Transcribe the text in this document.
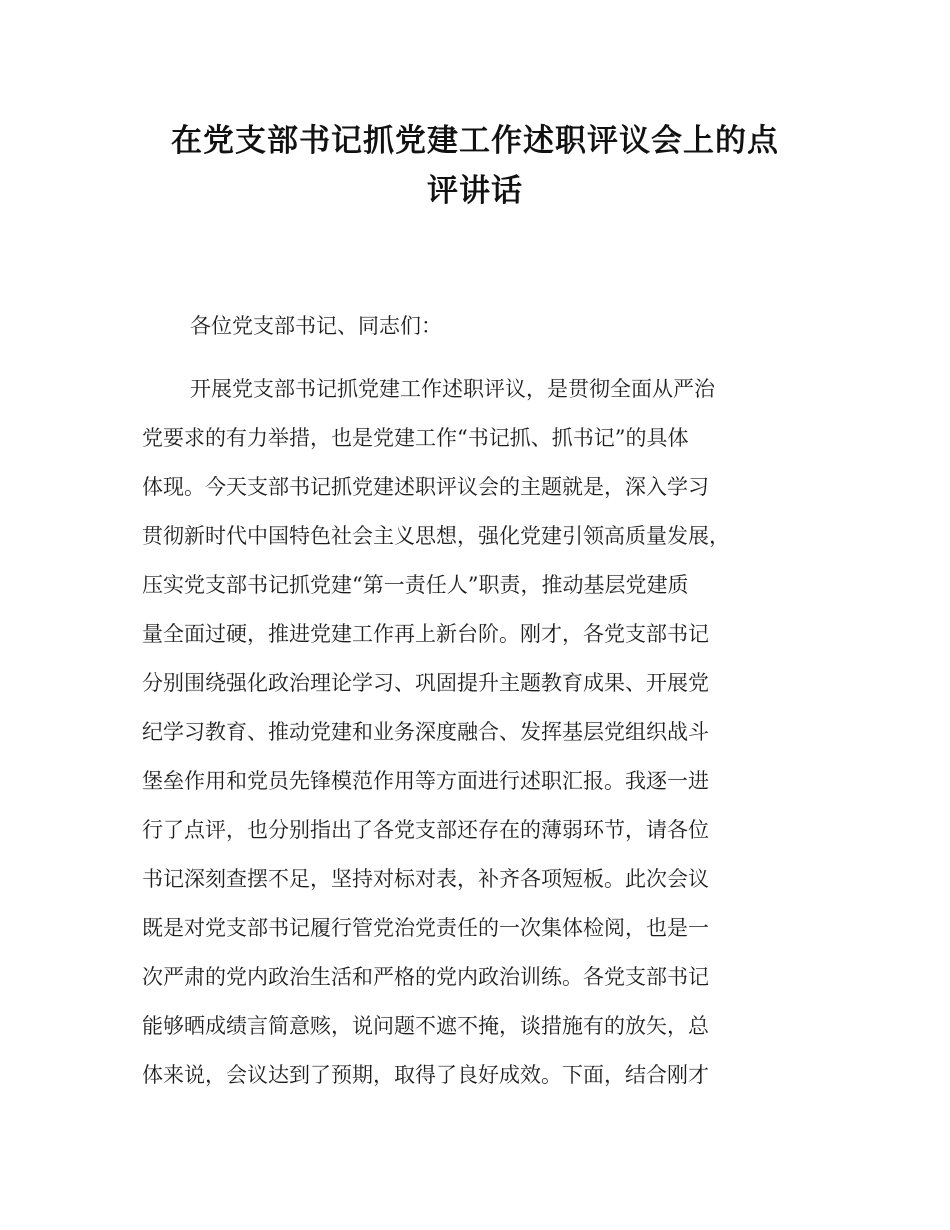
在党支部书记抓党建工作述职评议会上的点
评讲话

各位党支部书记、同志们：

开展党支部书记抓党建工作述职评议，是贯彻全面从严治

党要求的有力举措，也是党建工作“书记抓、抓书记”的具体

体现。今天支部书记抓党建述职评议会的主题就是，深入学习

贯彻新时代中国特色社会主义思想，强化党建引领高质量发展，

压实党支部书记抓党建“第一责任人”职责，推动基层党建质

量全面过硬，推进党建工作再上新台阶。刚才，各党支部书记

分别围绕强化政治理论学习、巩固提升主题教育成果、开展党

纪学习教育、推动党建和业务深度融合、发挥基层党组织战斗

堡垒作用和党员先锋模范作用等方面进行述职汇报。我逐一进

行了点评，也分别指出了各党支部还存在的薄弱环节，请各位

书记深刻查摆不足，坚持对标对表，补齐各项短板。此次会议

既是对党支部书记履行管党治党责任的一次集体检阅，也是一

次严肃的党内政治生活和严格的党内政治训练。各党支部书记

能够晒成绩言简意赅，说问题不遮不掩，谈措施有的放矢，总

体来说，会议达到了预期，取得了良好成效。下面，结合刚才
